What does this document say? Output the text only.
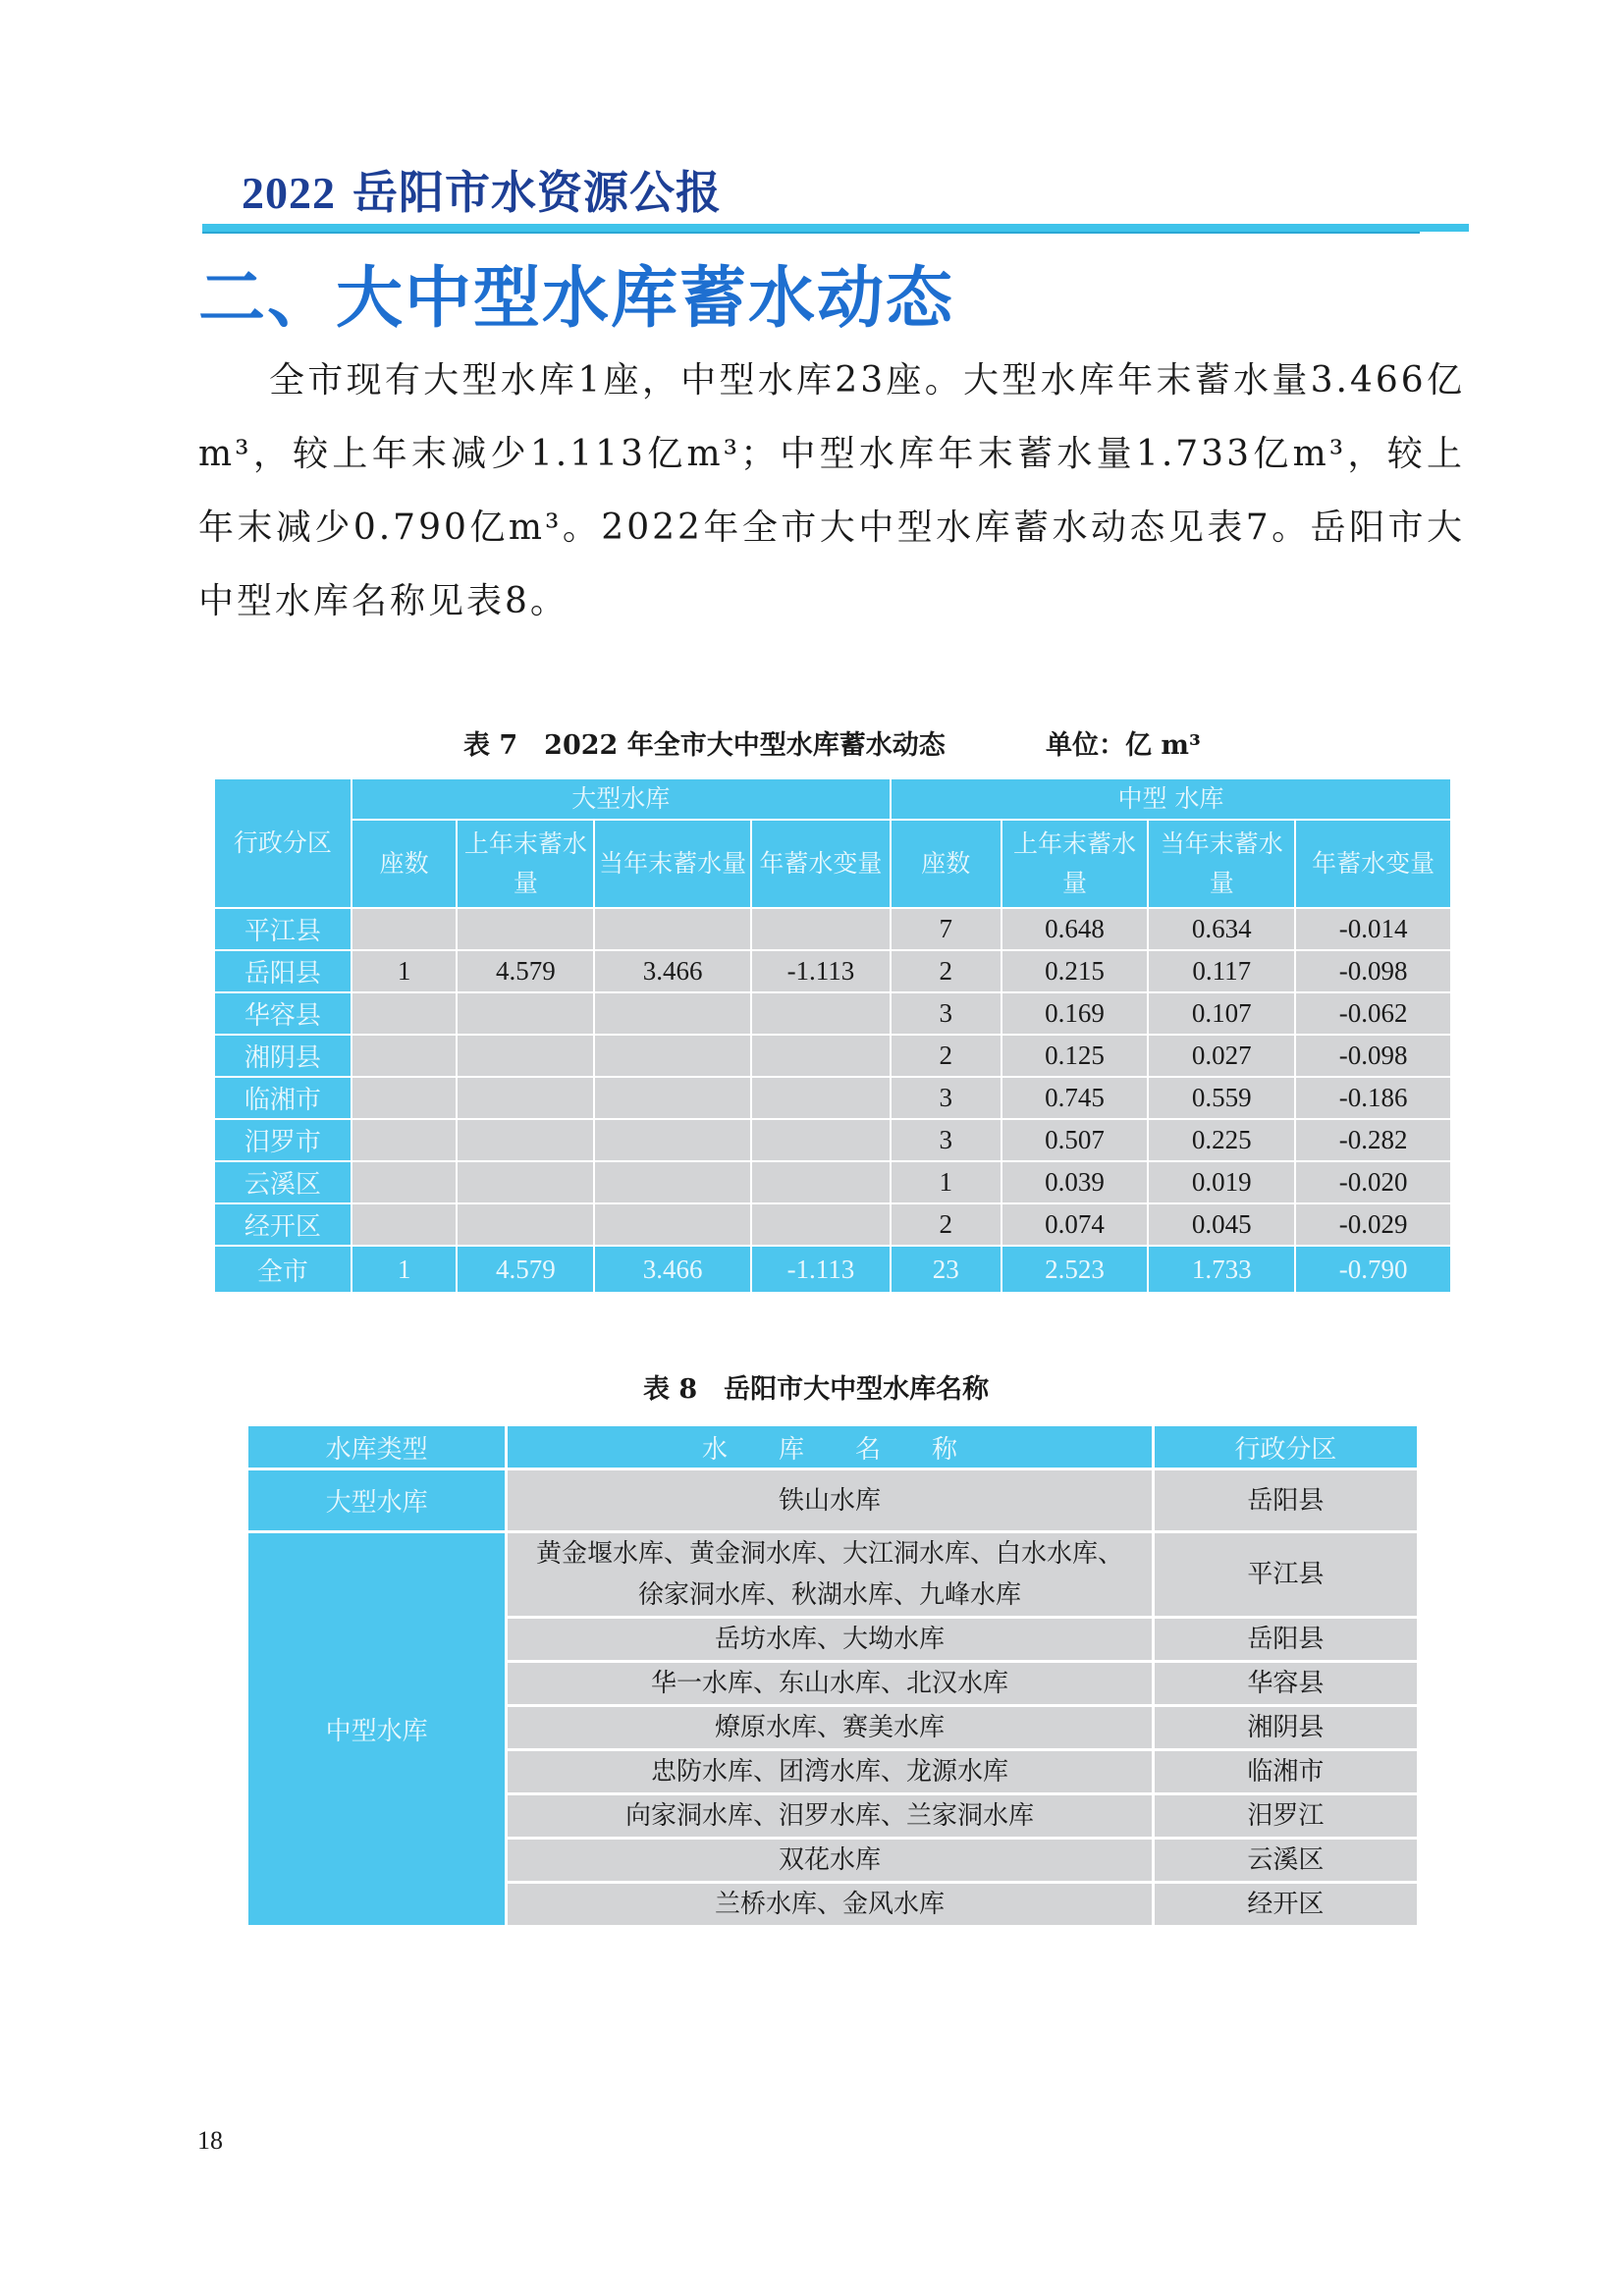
2022 岳阳市水资源公报
二、大中型水库蓄水动态

全市现有大型水库1座，中型水库23座。大型水库年末蓄水量3.466亿m³，较上年末减少1.113亿m³；中型水库年末蓄水量1.733亿m³，较上年末减少0.790亿m³。2022年全市大中型水库蓄水动态见表7。岳阳市大中型水库名称见表8。

表 7　2022 年全市大中型水库蓄水动态	单位：亿 m³
行政分区	大型水库				中型 水库			
	座数	上年末蓄水量	当年末蓄水量	年蓄水变量	座数	上年末蓄水量	当年末蓄水量	年蓄水变量
平江县					7	0.648	0.634	-0.014
岳阳县	1	4.579	3.466	-1.113	2	0.215	0.117	-0.098
华容县					3	0.169	0.107	-0.062
湘阴县					2	0.125	0.027	-0.098
临湘市					3	0.745	0.559	-0.186
汨罗市					3	0.507	0.225	-0.282
云溪区					1	0.039	0.019	-0.020
经开区					2	0.074	0.045	-0.029
全市	1	4.579	3.466	-1.113	23	2.523	1.733	-0.790
表 8　岳阳市大中型水库名称
水库类型	水　　库　　名　　称	行政分区
大型水库	铁山水库	岳阳县
中型水库	黄金堰水库、黄金洞水库、大江洞水库、白水水库、徐家洞水库、秋湖水库、九峰水库	平江县
	岳坊水库、大坳水库	岳阳县
	华一水库、东山水库、北汉水库	华容县
	燎原水库、赛美水库	湘阴县
	忠防水库、团湾水库、龙源水库	临湘市
	向家洞水库、汨罗水库、兰家洞水库	汨罗江
	双花水库	云溪区
	兰桥水库、金风水库	经开区
18
